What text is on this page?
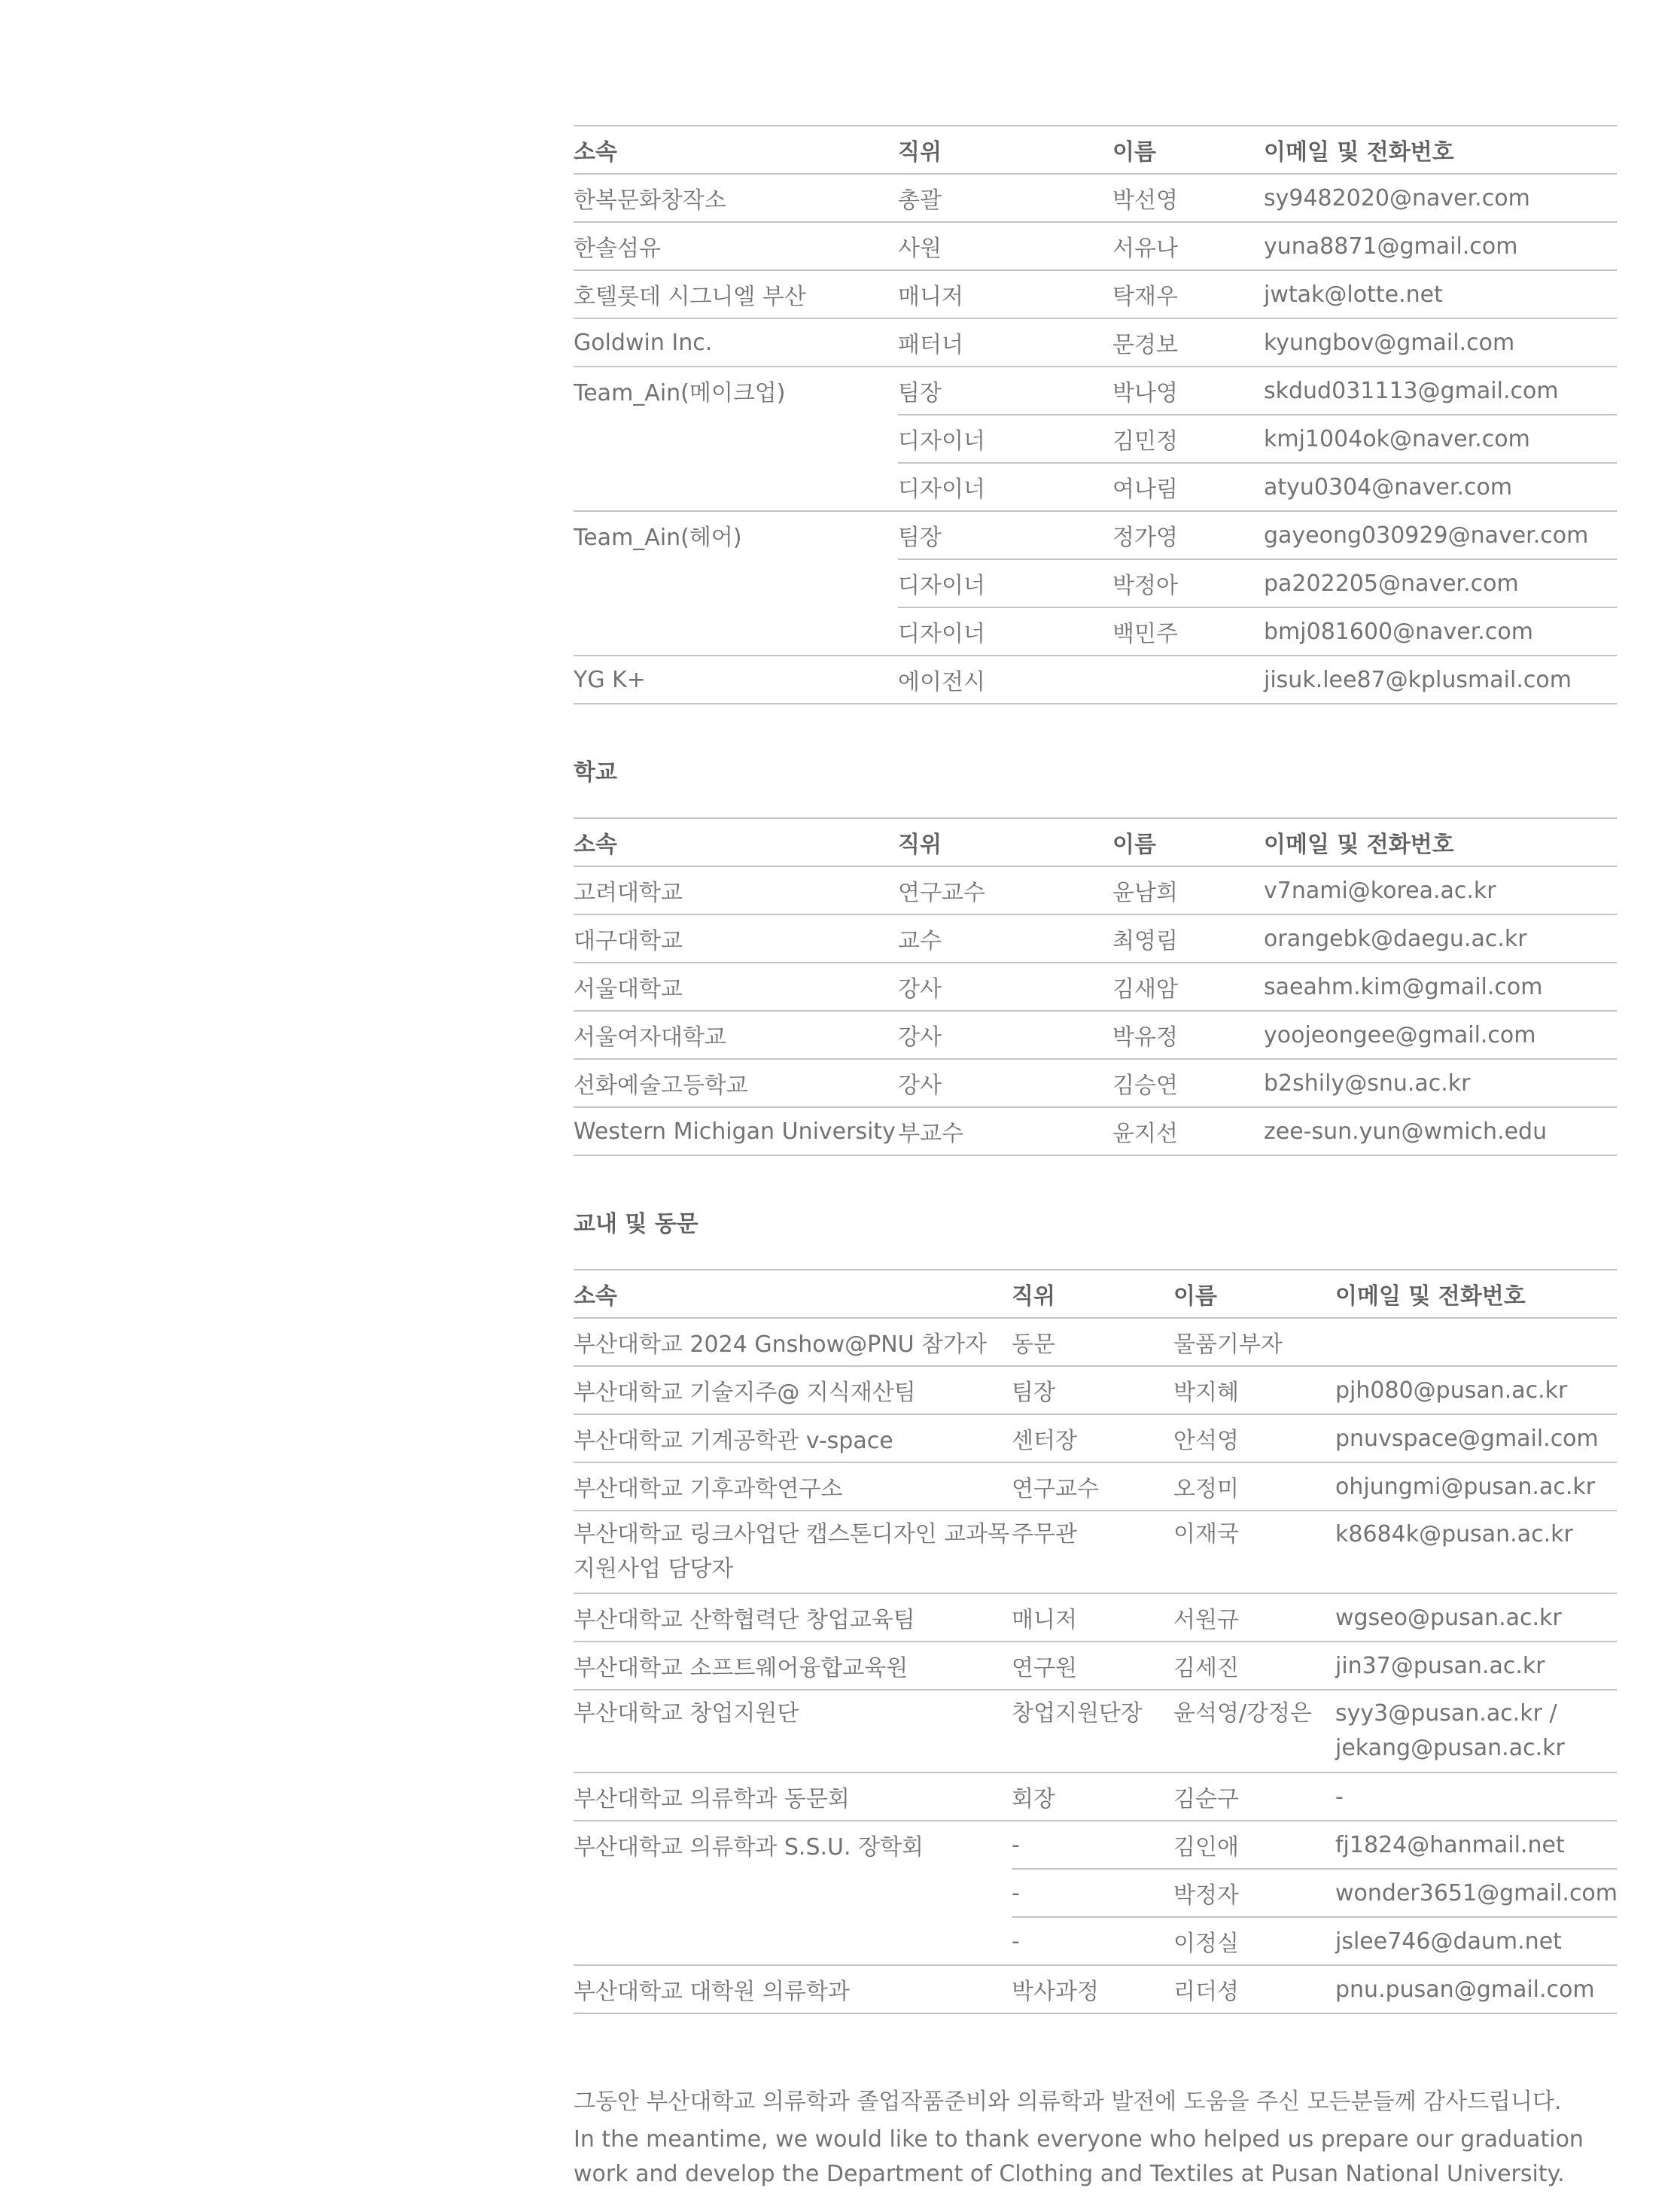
소속	직위	이름	이메일 및 전화번호
한복문화창작소	총괄	박선영	sy9482020@naver.com
한솔섬유	사원	서유나	yuna8871@gmail.com
호텔롯데 시그니엘 부산	매니저	탁재우	jwtak@lotte.net
Goldwin Inc.	패터너	문경보	kyungbov@gmail.com
Team_Ain(메이크업)	팀장	박나영	skdud031113@gmail.com
	디자이너	김민정	kmj1004ok@naver.com
	디자이너	여나림	atyu0304@naver.com
Team_Ain(헤어)	팀장	정가영	gayeong030929@naver.com
	디자이너	박정아	pa202205@naver.com
	디자이너	백민주	bmj081600@naver.com
YG K+	에이전시		jisuk.lee87@kplusmail.com
학교
소속	직위	이름	이메일 및 전화번호
고려대학교	연구교수	윤남희	v7nami@korea.ac.kr
대구대학교	교수	최영림	orangebk@daegu.ac.kr
서울대학교	강사	김새암	saeahm.kim@gmail.com
서울여자대학교	강사	박유정	yoojeongee@gmail.com
선화예술고등학교	강사	김승연	b2shily@snu.ac.kr
Western Michigan University	부교수	윤지선	zee-sun.yun@wmich.edu
교내 및 동문
소속	직위	이름	이메일 및 전화번호
부산대학교 2024 Gnshow@PNU 참가자	동문	물품기부자	
부산대학교 기술지주@ 지식재산팀	팀장	박지혜	pjh080@pusan.ac.kr
부산대학교 기계공학관 v-space	센터장	안석영	pnuvspace@gmail.com
부산대학교 기후과학연구소	연구교수	오정미	ohjungmi@pusan.ac.kr
부산대학교 링크사업단 캡스톤디자인 교과목 지원사업 담당자	주무관	이재국	k8684k@pusan.ac.kr
부산대학교 산학협력단 창업교육팀	매니저	서원규	wgseo@pusan.ac.kr
부산대학교 소프트웨어융합교육원	연구원	김세진	jin37@pusan.ac.kr
부산대학교 창업지원단	창업지원단장	윤석영/강정은	syy3@pusan.ac.kr / jekang@pusan.ac.kr
부산대학교 의류학과 동문회	회장	김순구	-
부산대학교 의류학과 S.S.U. 장학회	-	김인애	fj1824@hanmail.net
	-	박정자	wonder3651@gmail.com
	-	이정실	jslee746@daum.net
부산대학교 대학원 의류학과	박사과정	리더셩	pnu.pusan@gmail.com

그동안 부산대학교 의류학과 졸업작품준비와 의류학과 발전에 도움을 주신 모든분들께 감사드립니다.

In the meantime, we would like to thank everyone who helped us prepare our graduation work and develop the Department of Clothing and Textiles at Pusan National University.
